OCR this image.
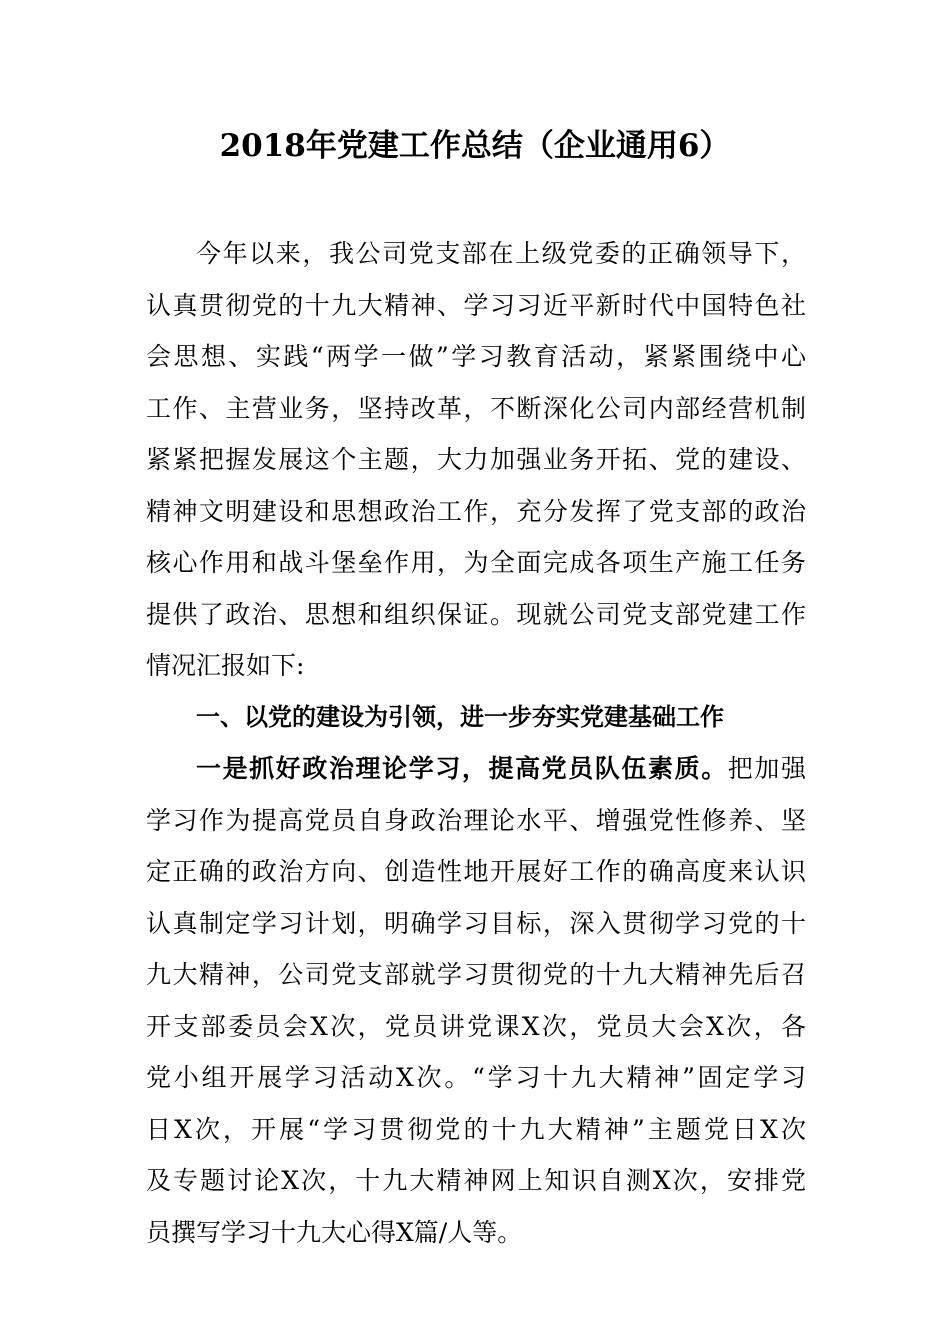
2018年党建工作总结（企业通用6）
今年以来，我公司党支部在上级党委的正确领导下，
认真贯彻党的十九大精神、学习习近平新时代中国特色社
会思想、实践“两学一做”学习教育活动，紧紧围绕中心
工作、主营业务，坚持改革，不断深化公司内部经营机制
紧紧把握发展这个主题，大力加强业务开拓、党的建设、
精神文明建设和思想政治工作，充分发挥了党支部的政治
核心作用和战斗堡垒作用，为全面完成各项生产施工任务
提供了政治、思想和组织保证。现就公司党支部党建工作
情况汇报如下:
一、以党的建设为引领，进一步夯实党建基础工作
一是抓好政治理论学习，提高党员队伍素质。把加强
学习作为提高党员自身政治理论水平、增强党性修养、坚
定正确的政治方向、创造性地开展好工作的确高度来认识
认真制定学习计划，明确学习目标，深入贯彻学习党的十
九大精神，公司党支部就学习贯彻党的十九大精神先后召
开支部委员会X次，党员讲党课X次，党员大会X次，各
党小组开展学习活动X次。“学习十九大精神”固定学习
日X次，开展“学习贯彻党的十九大精神”主题党日X次
及专题讨论X次，十九大精神网上知识自测X次，安排党
员撰写学习十九大心得X篇/人等。
